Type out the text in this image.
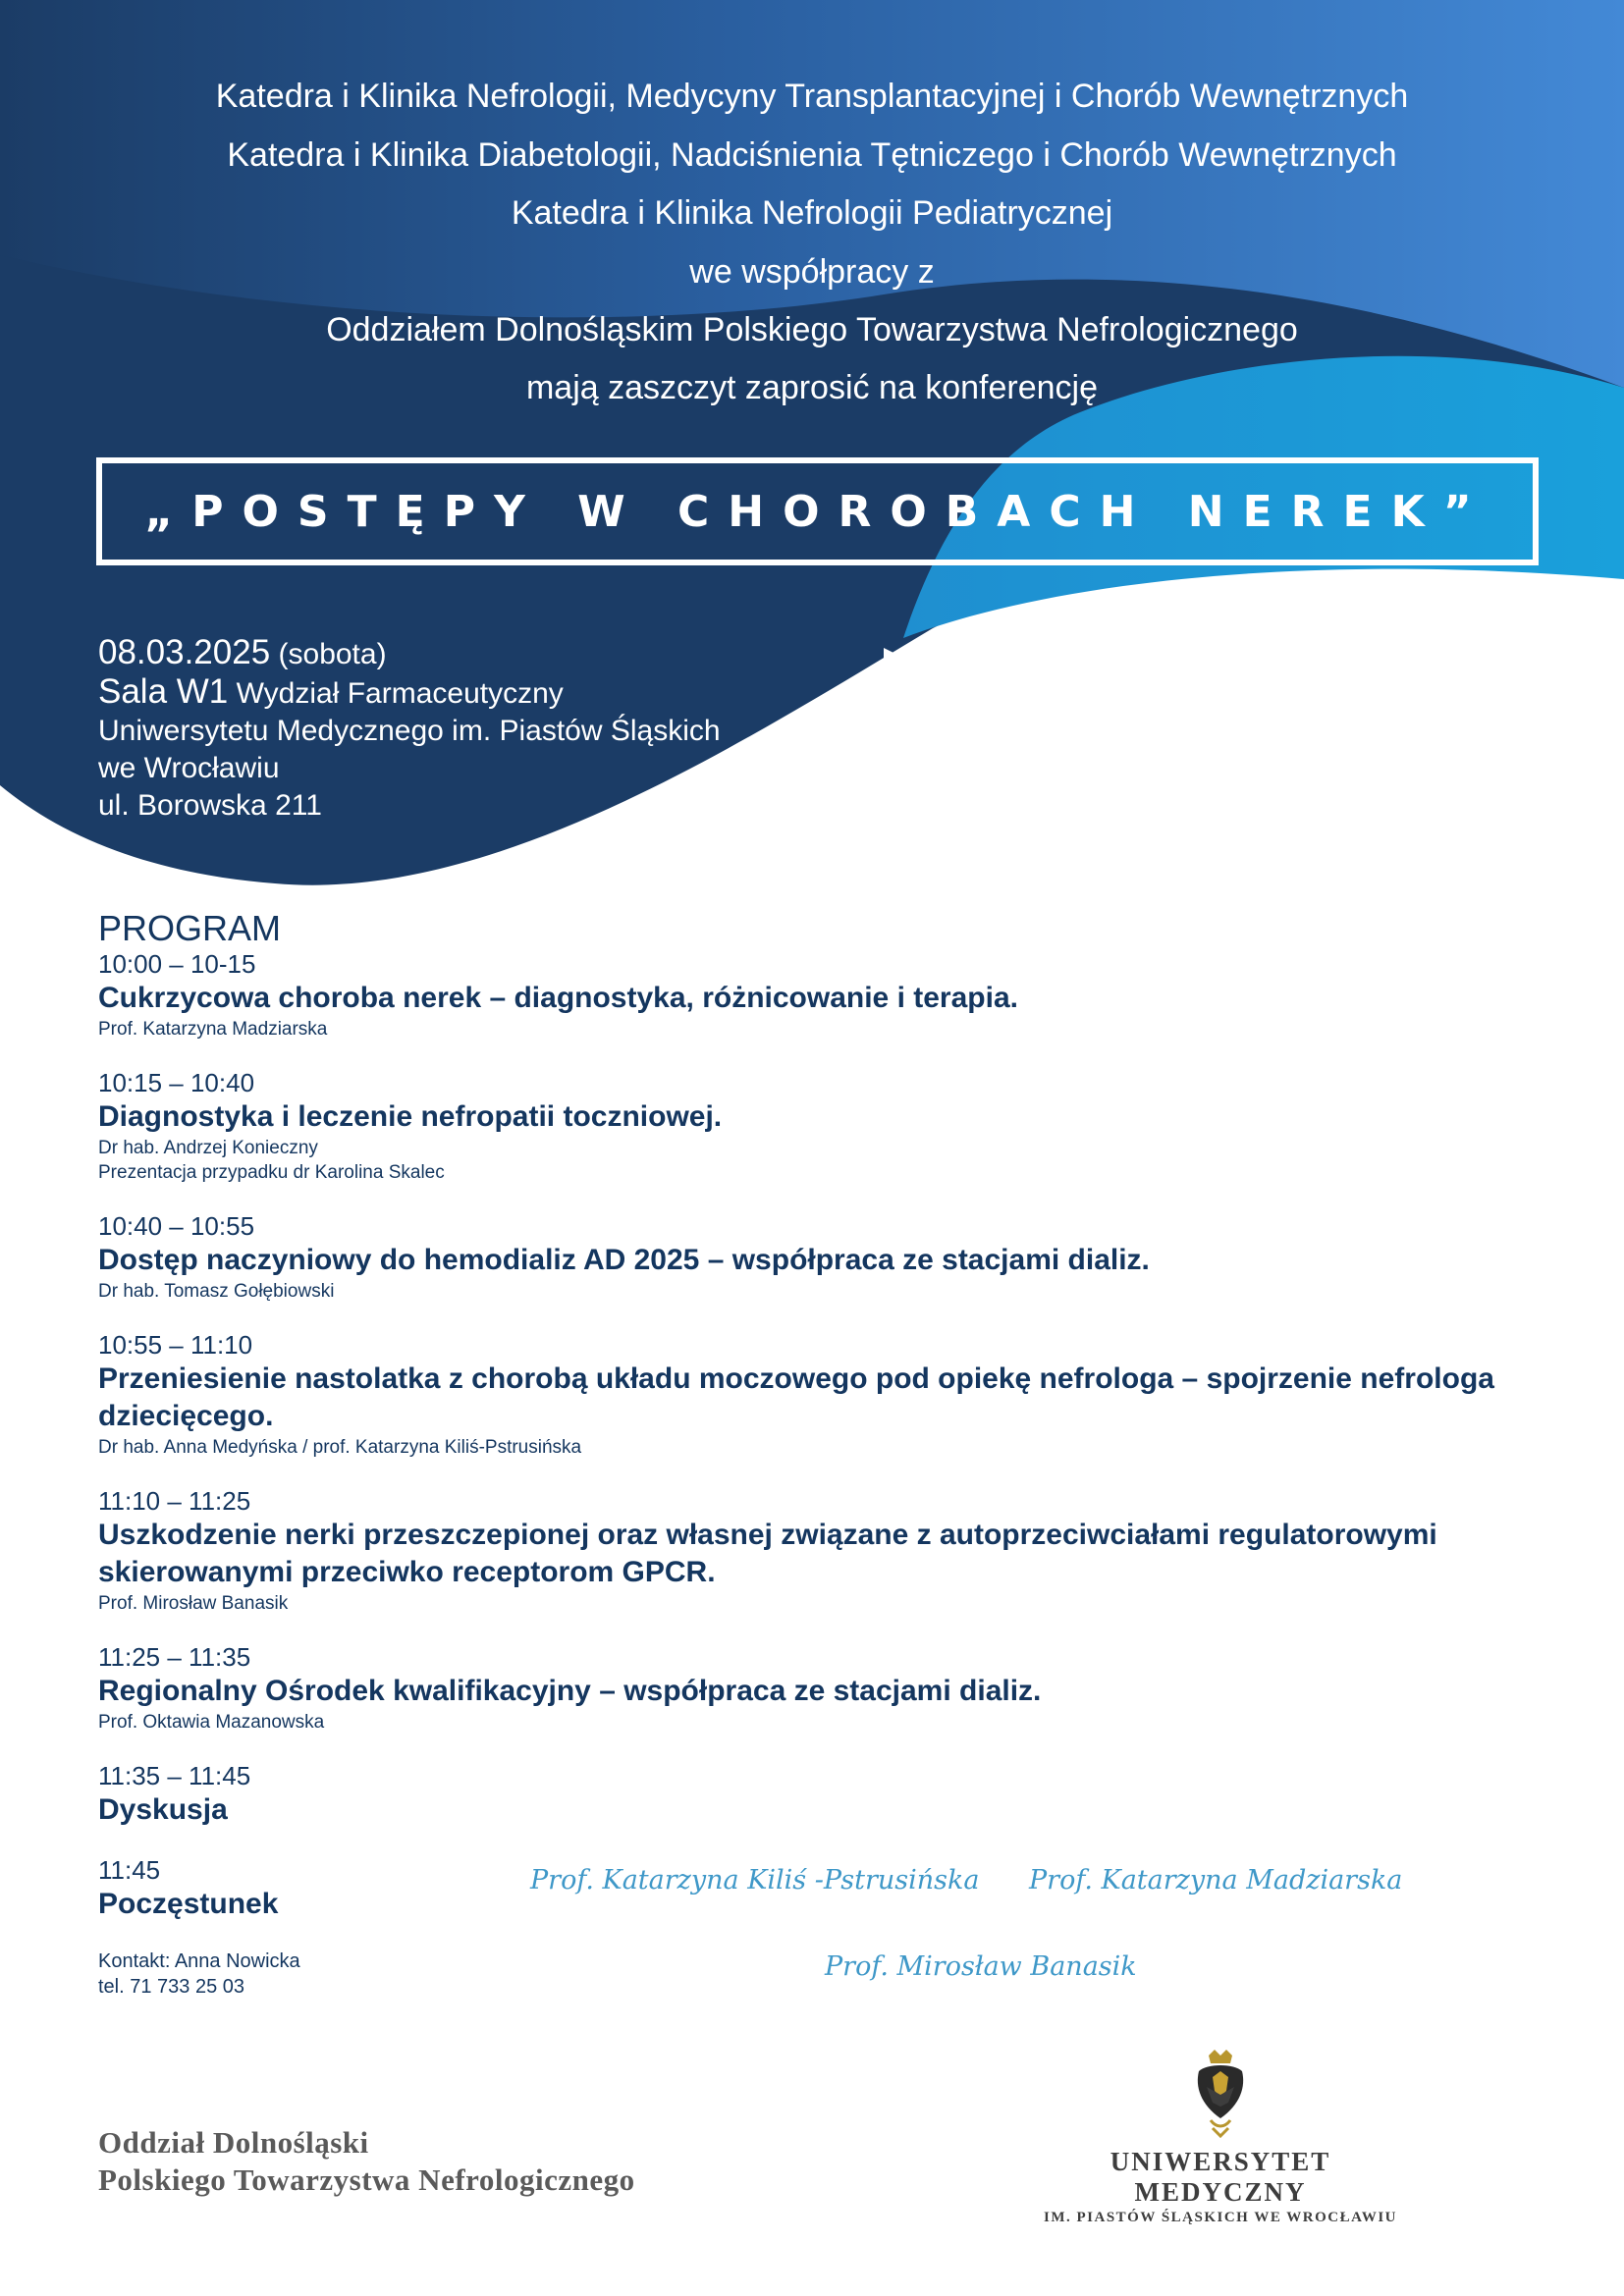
Katedra i Klinika Nefrologii, Medycyny Transplantacyjnej i Chorób Wewnętrznych
Katedra i Klinika Diabetologii, Nadciśnienia Tętniczego i Chorób Wewnętrznych
Katedra i Klinika Nefrologii Pediatrycznej
we współpracy z
Oddziałem Dolnośląskim Polskiego Towarzystwa Nefrologicznego
mają zaszczyt zaprosić na konferencję
„POSTĘPY W CHOROBACH NEREK”
08.03.2025 (sobota)
Sala W1 Wydział Farmaceutyczny
Uniwersytetu Medycznego im. Piastów Śląskich
we Wrocławiu
ul. Borowska 211
PROGRAM
10:00 – 10-15
Cukrzycowa choroba nerek – diagnostyka, różnicowanie i terapia.
Prof. Katarzyna Madziarska
10:15 – 10:40
Diagnostyka i leczenie nefropatii toczniowej.
Dr hab. Andrzej Konieczny
Prezentacja przypadku dr Karolina Skalec
10:40 – 10:55
Dostęp naczyniowy do hemodializ AD 2025 – współpraca ze stacjami dializ.
Dr hab. Tomasz Gołębiowski
10:55 – 11:10
Przeniesienie nastolatka z chorobą układu moczowego pod opiekę nefrologa – spojrzenie nefrologa dziecięcego.
Dr hab. Anna Medyńska / prof. Katarzyna Kiliś-Pstrusińska
11:10 – 11:25
Uszkodzenie nerki przeszczepionej oraz własnej związane z autoprzeciwciałami regulatorowymi skierowanymi przeciwko receptorom GPCR.
Prof. Mirosław Banasik
11:25 – 11:35
Regionalny Ośrodek kwalifikacyjny – współpraca ze stacjami dializ.
Prof. Oktawia Mazanowska
11:35 – 11:45
Dyskusja
11:45
Poczęstunek
Prof. Katarzyna Kiliś -Pstrusińska Prof. Katarzyna Madziarska
Prof. Mirosław Banasik
Kontakt: Anna Nowicka
tel. 71 733 25 03
Oddział Dolnośląski
Polskiego Towarzystwa Nefrologicznego
UNIWERSYTET MEDYCZNY
IM. PIASTÓW ŚLĄSKICH WE WROCŁAWIU
